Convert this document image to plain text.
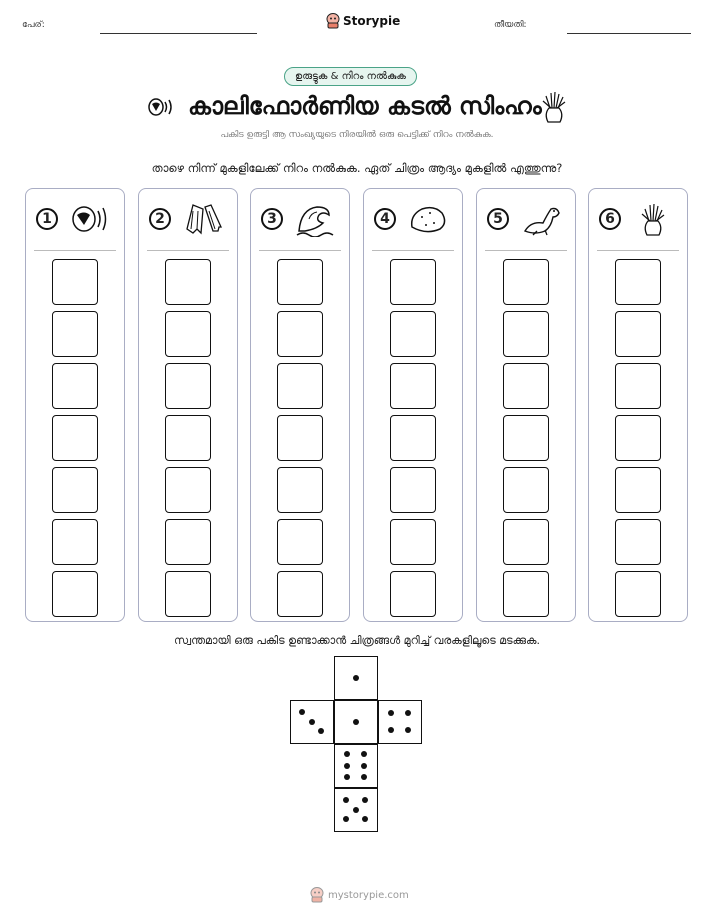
പേര്:	Storypie	തീയതി:
ഉരുട്ടുക & നിറം നൽകുക
കാലിഫോർണിയ കടൽ സിംഹം
പകിട ഉരുട്ടി ആ സംഖ്യയുടെ നിരയിൽ ഒരു പെട്ടിക്ക് നിറം നൽകുക.
താഴെ നിന്ന് മുകളിലേക്ക് നിറം നൽകുക. ഏത് ചിത്രം ആദ്യം മുകളിൽ എത്തുന്നു?
1	2	3	4	5	6
സ്വന്തമായി ഒരു പകിട ഉണ്ടാക്കാൻ ചിത്രങ്ങൾ മുറിച്ച് വരകളിലൂടെ മടക്കുക.
mystorypie.com
